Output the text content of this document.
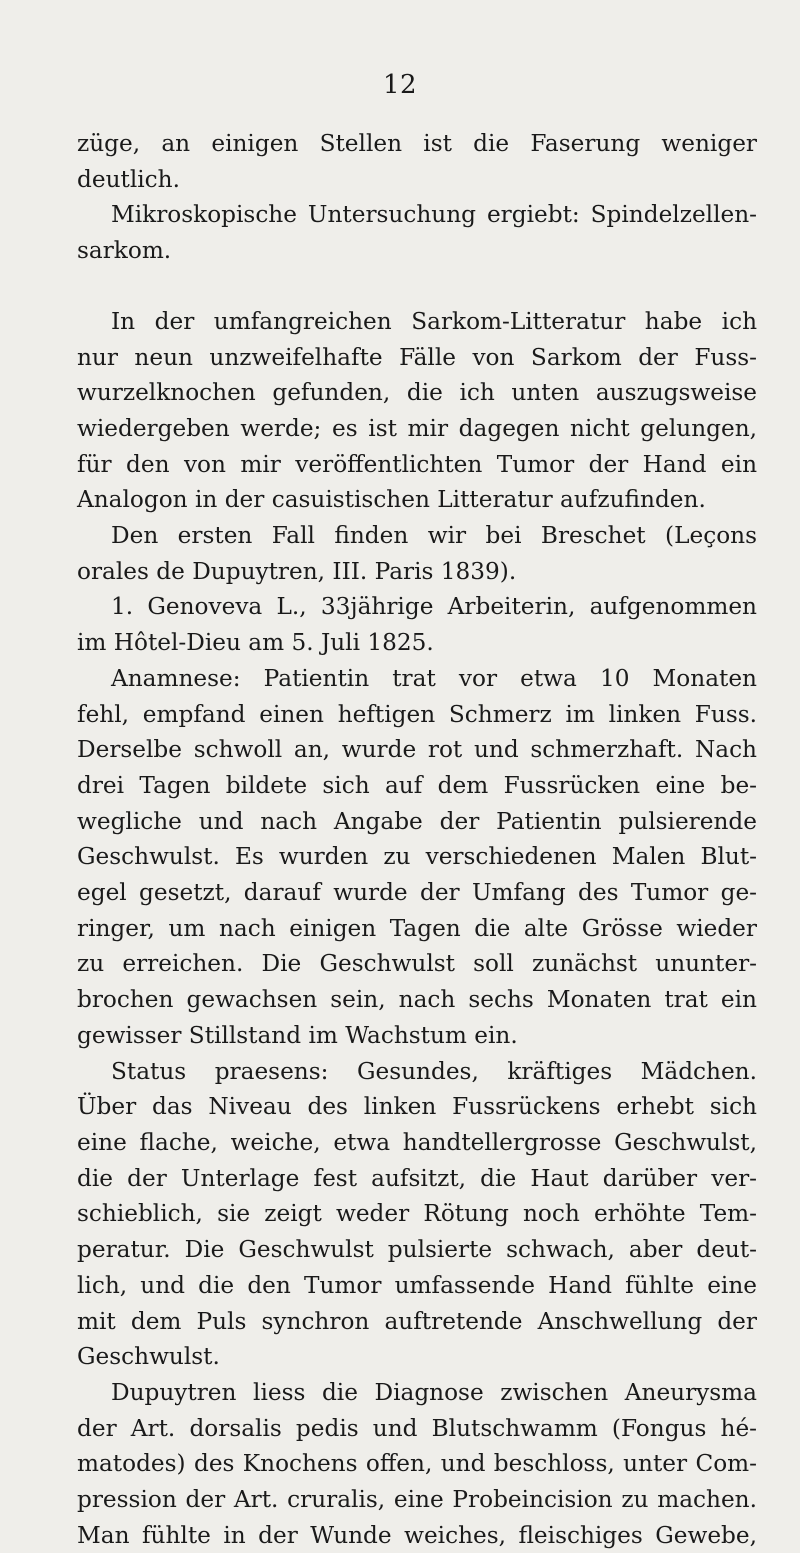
12
züge, an einigen Stellen ist die Faserung weniger
deutlich.
Mikroskopische Untersuchung ergiebt: Spindelzellen-
sarkom.
In der umfangreichen Sarkom-Litteratur habe ich
nur neun unzweifelhafte Fälle von Sarkom der Fuss-
wurzelknochen gefunden, die ich unten auszugsweise
wiedergeben werde; es ist mir dagegen nicht gelungen,
für den von mir veröffentlichten Tumor der Hand ein
Analogon in der casuistischen Litteratur aufzufinden.
Den ersten Fall finden wir bei Breschet (Leçons
orales de Dupuytren, III. Paris 1839).
1. Genoveva L., 33jährige Arbeiterin, aufgenommen
im Hôtel-Dieu am 5. Juli 1825.
Anamnese: Patientin trat vor etwa 10 Monaten
fehl, empfand einen heftigen Schmerz im linken Fuss.
Derselbe schwoll an, wurde rot und schmerzhaft. Nach
drei Tagen bildete sich auf dem Fussrücken eine be-
wegliche und nach Angabe der Patientin pulsierende
Geschwulst. Es wurden zu verschiedenen Malen Blut-
egel gesetzt, darauf wurde der Umfang des Tumor ge-
ringer, um nach einigen Tagen die alte Grösse wieder
zu erreichen. Die Geschwulst soll zunächst ununter-
brochen gewachsen sein, nach sechs Monaten trat ein
gewisser Stillstand im Wachstum ein.
Status praesens: Gesundes, kräftiges Mädchen.
Über das Niveau des linken Fussrückens erhebt sich
eine flache, weiche, etwa handtellergrosse Geschwulst,
die der Unterlage fest aufsitzt, die Haut darüber ver-
schieblich, sie zeigt weder Rötung noch erhöhte Tem-
peratur. Die Geschwulst pulsierte schwach, aber deut-
lich, und die den Tumor umfassende Hand fühlte eine
mit dem Puls synchron auftretende Anschwellung der
Geschwulst.
Dupuytren liess die Diagnose zwischen Aneurysma
der Art. dorsalis pedis und Blutschwamm (Fongus hé-
matodes) des Knochens offen, und beschloss, unter Com-
pression der Art. cruralis, eine Probeincision zu machen.
Man fühlte in der Wunde weiches, fleischiges Gewebe,
